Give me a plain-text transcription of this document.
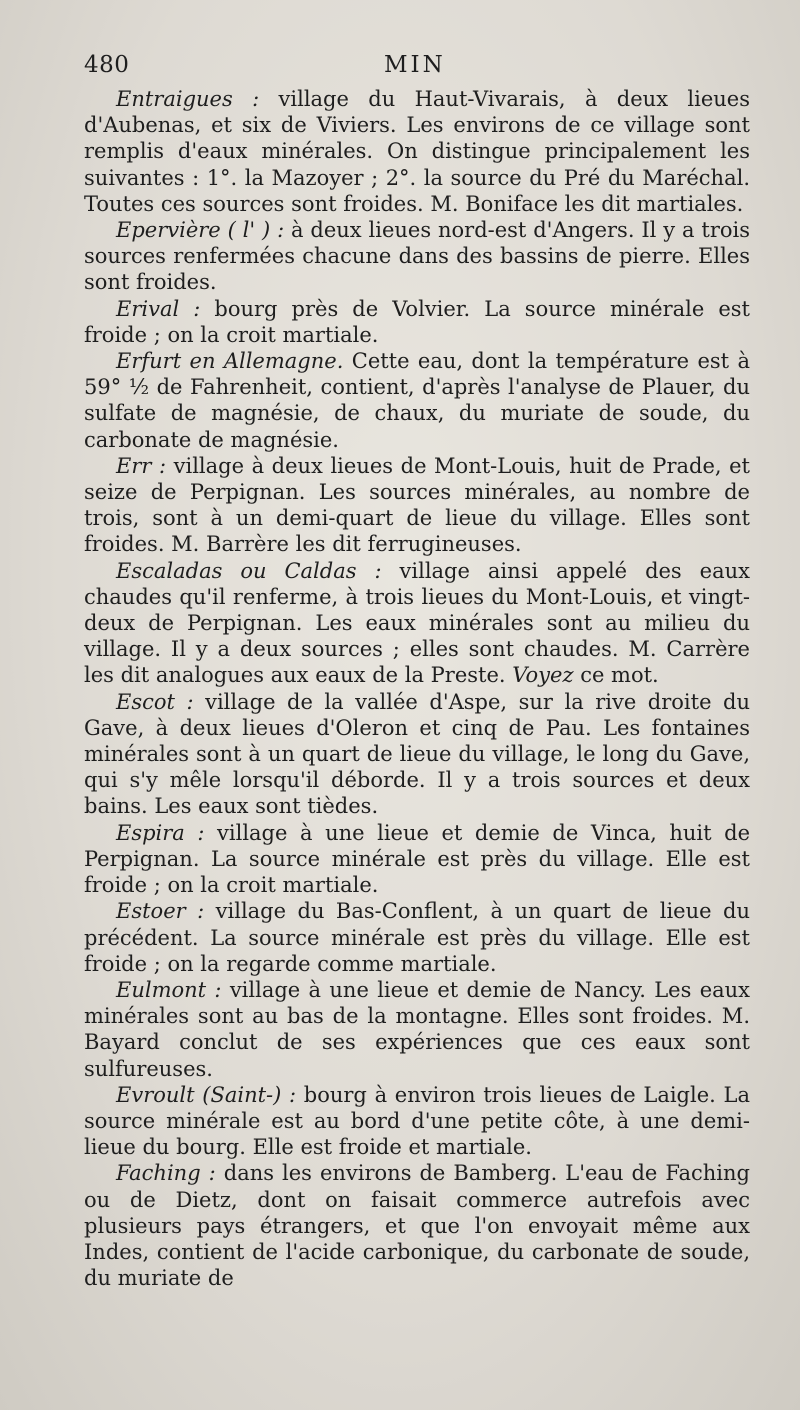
480	MIN

Entraigues : village du Haut-Vivarais, à deux lieues d'Aubenas, et six de Viviers. Les environs de ce village sont remplis d'eaux minérales. On distingue principalement les suivantes : 1°. la Mazoyer ; 2°. la source du Pré du Maréchal. Toutes ces sources sont froides. M. Boniface les dit martiales.

Epervière ( l' ) : à deux lieues nord-est d'Angers. Il y a trois sources renfermées chacune dans des bassins de pierre. Elles sont froides.

Erival : bourg près de Volvier. La source minérale est froide ; on la croit martiale.

Erfurt en Allemagne. Cette eau, dont la température est à 59° ½ de Fahrenheit, contient, d'après l'analyse de Plauer, du sulfate de magnésie, de chaux, du muriate de soude, du carbonate de magnésie.

Err : village à deux lieues de Mont-Louis, huit de Prade, et seize de Perpignan. Les sources minérales, au nombre de trois, sont à un demi-quart de lieue du village. Elles sont froides. M. Barrère les dit ferrugineuses.

Escaladas ou Caldas : village ainsi appelé des eaux chaudes qu'il renferme, à trois lieues du Mont-Louis, et vingt-deux de Perpignan. Les eaux minérales sont au milieu du village. Il y a deux sources ; elles sont chaudes. M. Carrère les dit analogues aux eaux de la Preste. Voyez ce mot.

Escot : village de la vallée d'Aspe, sur la rive droite du Gave, à deux lieues d'Oleron et cinq de Pau. Les fontaines minérales sont à un quart de lieue du village, le long du Gave, qui s'y mêle lorsqu'il déborde. Il y a trois sources et deux bains. Les eaux sont tièdes.

Espira : village à une lieue et demie de Vinca, huit de Perpignan. La source minérale est près du village. Elle est froide ; on la croit martiale.

Estoer : village du Bas-Conflent, à un quart de lieue du précédent. La source minérale est près du village. Elle est froide ; on la regarde comme martiale.

Eulmont : village à une lieue et demie de Nancy. Les eaux minérales sont au bas de la montagne. Elles sont froides. M. Bayard conclut de ses expériences que ces eaux sont sulfureuses.

Evroult (Saint-) : bourg à environ trois lieues de Laigle. La source minérale est au bord d'une petite côte, à une demi-lieue du bourg. Elle est froide et martiale.

Faching : dans les environs de Bamberg. L'eau de Faching ou de Dietz, dont on faisait commerce autrefois avec plusieurs pays étrangers, et que l'on envoyait même aux Indes, contient de l'acide carbonique, du carbonate de soude, du muriate de
